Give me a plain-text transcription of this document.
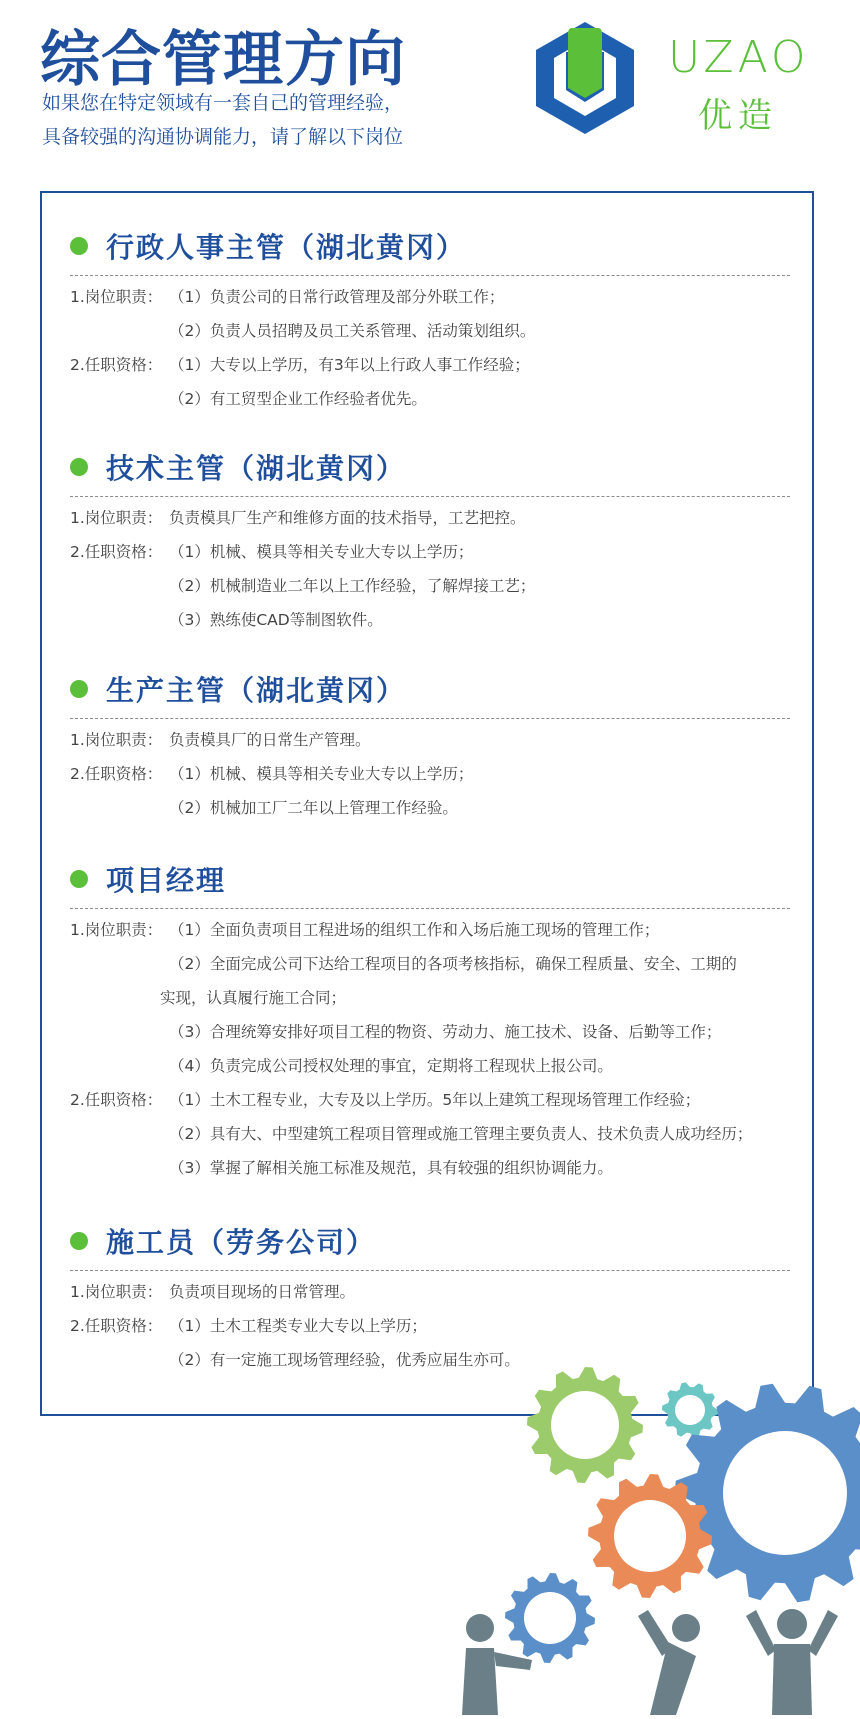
综合管理方向
如果您在特定领域有一套自己的管理经验，
具备较强的沟通协调能力，请了解以下岗位
UZAO
优造
行政人事主管（湖北黄冈）
1.岗位职责： （1）负责公司的日常行政管理及部分外联工作；
（2）负责人员招聘及员工关系管理、活动策划组织。
2.任职资格： （1）大专以上学历，有3年以上行政人事工作经验；
（2）有工贸型企业工作经验者优先。
技术主管（湖北黄冈）
1.岗位职责： 负责模具厂生产和维修方面的技术指导，工艺把控。
2.任职资格： （1）机械、模具等相关专业大专以上学历；
（2）机械制造业二年以上工作经验，了解焊接工艺；
（3）熟练使CAD等制图软件。
生产主管（湖北黄冈）
1.岗位职责： 负责模具厂的日常生产管理。
2.任职资格： （1）机械、模具等相关专业大专以上学历；
（2）机械加工厂二年以上管理工作经验。
项目经理
1.岗位职责： （1）全面负责项目工程进场的组织工作和入场后施工现场的管理工作；
（2）全面完成公司下达给工程项目的各项考核指标，确保工程质量、安全、工期的
实现，认真履行施工合同；
（3）合理统筹安排好项目工程的物资、劳动力、施工技术、设备、后勤等工作；
（4）负责完成公司授权处理的事宜，定期将工程现状上报公司。
2.任职资格： （1）土木工程专业，大专及以上学历。5年以上建筑工程现场管理工作经验；
（2）具有大、中型建筑工程项目管理或施工管理主要负责人、技术负责人成功经历；
（3）掌握了解相关施工标准及规范，具有较强的组织协调能力。
施工员（劳务公司）
1.岗位职责： 负责项目现场的日常管理。
2.任职资格： （1）土木工程类专业大专以上学历；
（2）有一定施工现场管理经验，优秀应届生亦可。
